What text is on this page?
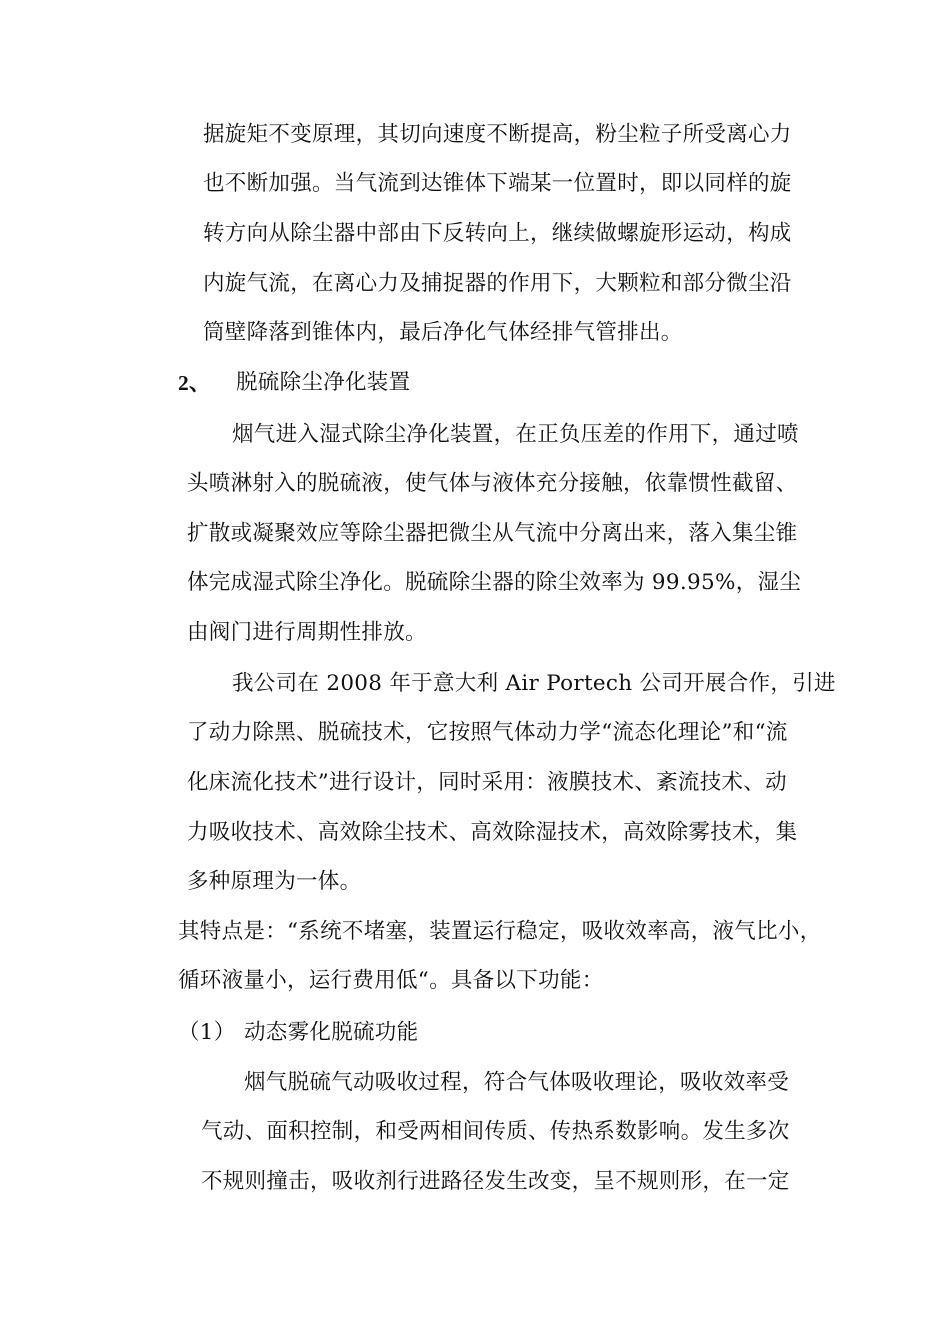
据旋矩不变原理，其切向速度不断提高，粉尘粒子所受离心力
也不断加强。当气流到达锥体下端某一位置时，即以同样的旋
转方向从除尘器中部由下反转向上，继续做螺旋形运动，构成
内旋气流，在离心力及捕捉器的作用下，大颗粒和部分微尘沿
筒壁降落到锥体内，最后净化气体经排气管排出。
2、 脱硫除尘净化装置
烟气进入湿式除尘净化装置，在正负压差的作用下，通过喷
头喷淋射入的脱硫液，使气体与液体充分接触，依靠惯性截留、
扩散或凝聚效应等除尘器把微尘从气流中分离出来，落入集尘锥
体完成湿式除尘净化。脱硫除尘器的除尘效率为 99.95%，湿尘
由阀门进行周期性排放。
我公司在 2008 年于意大利 Air Portech 公司开展合作，引进
了动力除黑、脱硫技术，它按照气体动力学“流态化理论”和“流
化床流化技术”进行设计，同时采用：液膜技术、紊流技术、动
力吸收技术、高效除尘技术、高效除湿技术，高效除雾技术，集
多种原理为一体。
其特点是：“系统不堵塞，装置运行稳定，吸收效率高，液气比小，
循环液量小，运行费用低“。具备以下功能：
（1） 动态雾化脱硫功能
烟气脱硫气动吸收过程，符合气体吸收理论，吸收效率受
气动、面积控制，和受两相间传质、传热系数影响。发生多次
不规则撞击，吸收剂行进路径发生改变，呈不规则形，在一定
